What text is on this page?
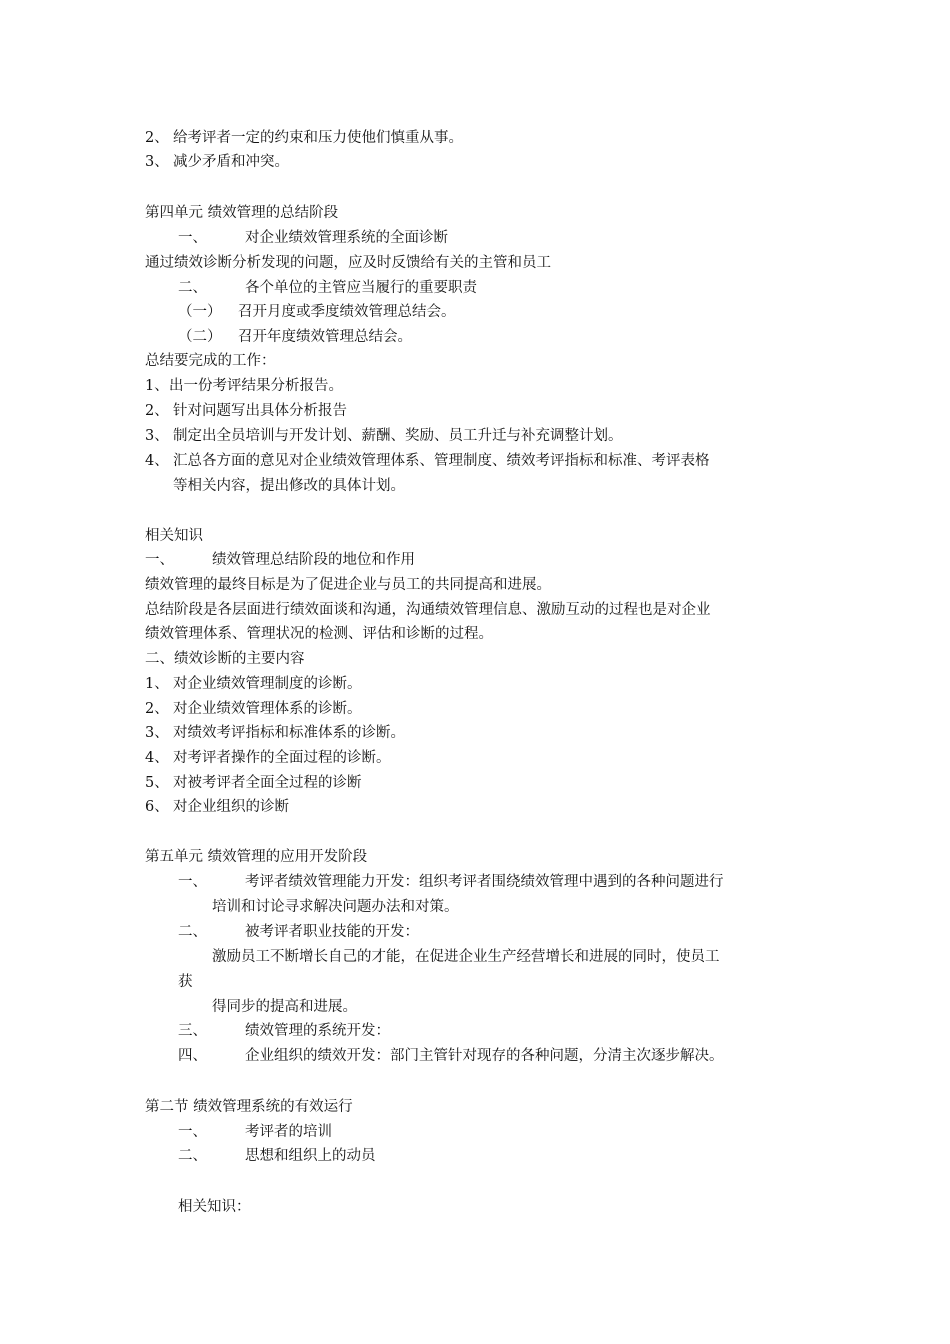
2、 给考评者一定的约束和压力使他们慎重从事。
3、 减少矛盾和冲突。
第四单元 绩效管理的总结阶段
一、	对企业绩效管理系统的全面诊断
通过绩效诊断分析发现的问题，应及时反馈给有关的主管和员工
二、	各个单位的主管应当履行的重要职责
（一） 召开月度或季度绩效管理总结会。
（二） 召开年度绩效管理总结会。
总结要完成的工作：
1、出一份考评结果分析报告。
2、 针对问题写出具体分析报告
3、 制定出全员培训与开发计划、薪酬、奖励、员工升迁与补充调整计划。
4、 汇总各方面的意见对企业绩效管理体系、管理制度、绩效考评指标和标准、考评表格
等相关内容，提出修改的具体计划。
相关知识
一、	绩效管理总结阶段的地位和作用
绩效管理的最终目标是为了促进企业与员工的共同提高和进展。
总结阶段是各层面进行绩效面谈和沟通，沟通绩效管理信息、激励互动的过程也是对企业
绩效管理体系、管理状况的检测、评估和诊断的过程。
二、绩效诊断的主要内容
1、 对企业绩效管理制度的诊断。
2、 对企业绩效管理体系的诊断。
3、 对绩效考评指标和标准体系的诊断。
4、 对考评者操作的全面过程的诊断。
5、 对被考评者全面全过程的诊断
6、 对企业组织的诊断
第五单元 绩效管理的应用开发阶段
一、	考评者绩效管理能力开发：组织考评者围绕绩效管理中遇到的各种问题进行
培训和讨论寻求解决问题办法和对策。
二、	被考评者职业技能的开发：
激励员工不断增长自己的才能，在促进企业生产经营增长和进展的同时，使员工
获
得同步的提高和进展。
三、	绩效管理的系统开发：
四、	企业组织的绩效开发：部门主管针对现存的各种问题，分清主次逐步解决。
第二节 绩效管理系统的有效运行
一、	考评者的培训
二、	思想和组织上的动员
相关知识：
